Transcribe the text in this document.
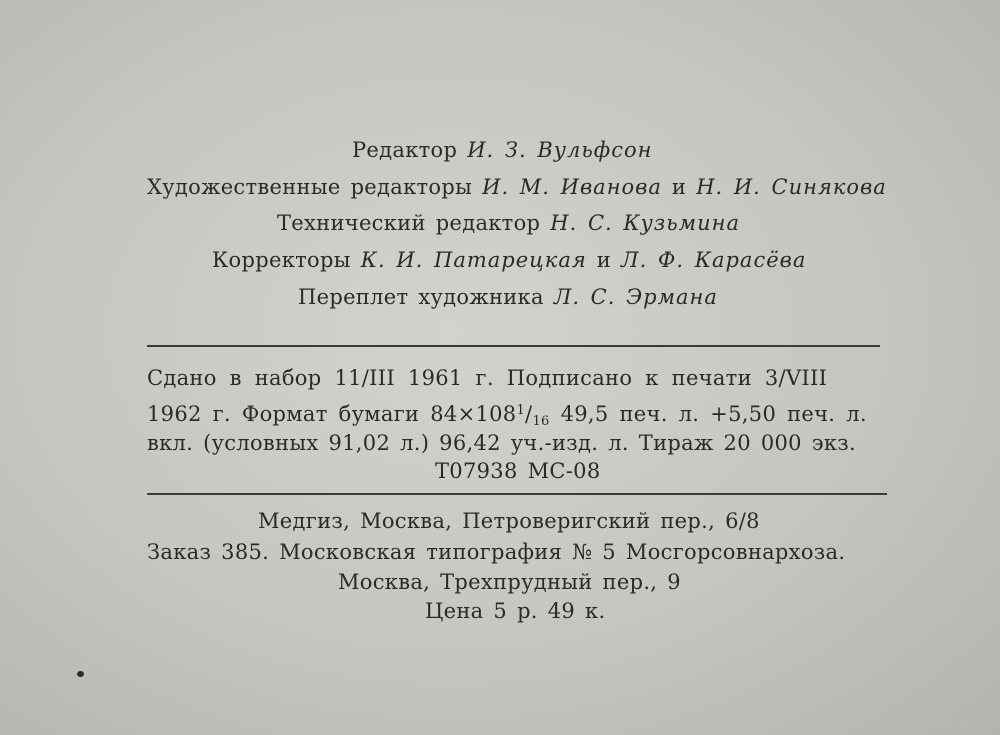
Редактор И. З. Вульфсон
Художественные редакторы И. М. Иванова и Н. И. Синякова
Технический редактор Н. С. Кузьмина
Корректоры К. И. Патарецкая и Л. Ф. Карасёва
Переплет художника Л. С. Эрмана
Сдано в набор 11/III 1961 г. Подписано к печати 3/VIII
1962 г. Формат бумаги $84\times 108^1/16$ 49,5 печ. л. +5,50 печ. л.
вкл. (условных 91,02 л.) 96,42 уч.-изд. л. Тираж 20 000 экз.
Т07938 МС-08
Медгиз, Москва, Петроверигский пер., 6/8
Заказ 385. Московская типография № 5 Мосгорсовнархоза.
Москва, Трехпрудный пер., 9
Цена 5 р. 49 к.
meshok.by
